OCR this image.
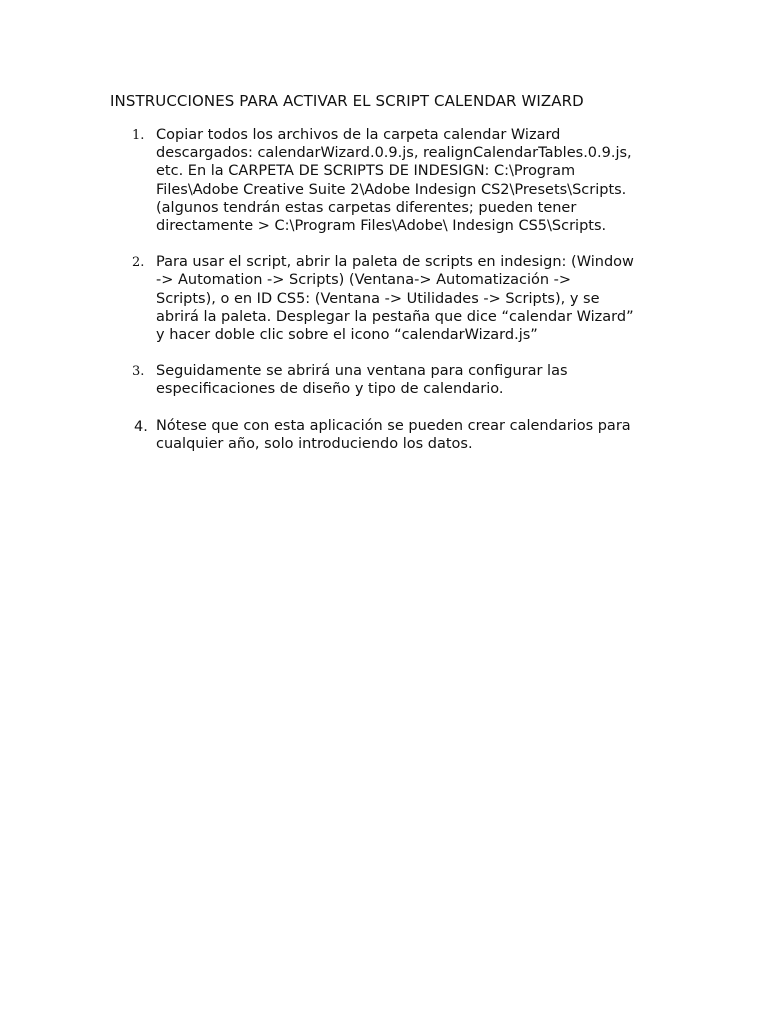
INSTRUCCIONES PARA ACTIVAR EL SCRIPT CALENDAR WIZARD
1. Copiar todos los archivos de la carpeta calendar Wizard
descargados: calendarWizard.0.9.js, realignCalendarTables.0.9.js,
etc. En la CARPETA DE SCRIPTS DE INDESIGN: C:\Program
Files\Adobe Creative Suite 2\Adobe Indesign CS2\Presets\Scripts.
(algunos tendrán estas carpetas diferentes; pueden tener
directamente > C:\Program Files\Adobe\ Indesign CS5\Scripts.
2. Para usar el script, abrir la paleta de scripts en indesign: (Window
-> Automation -> Scripts) (Ventana-> Automatización ->
Scripts), o en ID CS5: (Ventana -> Utilidades -> Scripts), y se
abrirá la paleta. Desplegar la pestaña que dice “calendar Wizard”
y hacer doble clic sobre el icono “calendarWizard.js”
3. Seguidamente se abrirá una ventana para configurar las
especificaciones de diseño y tipo de calendario.
4. Nótese que con esta aplicación se pueden crear calendarios para
cualquier año, solo introduciendo los datos.
